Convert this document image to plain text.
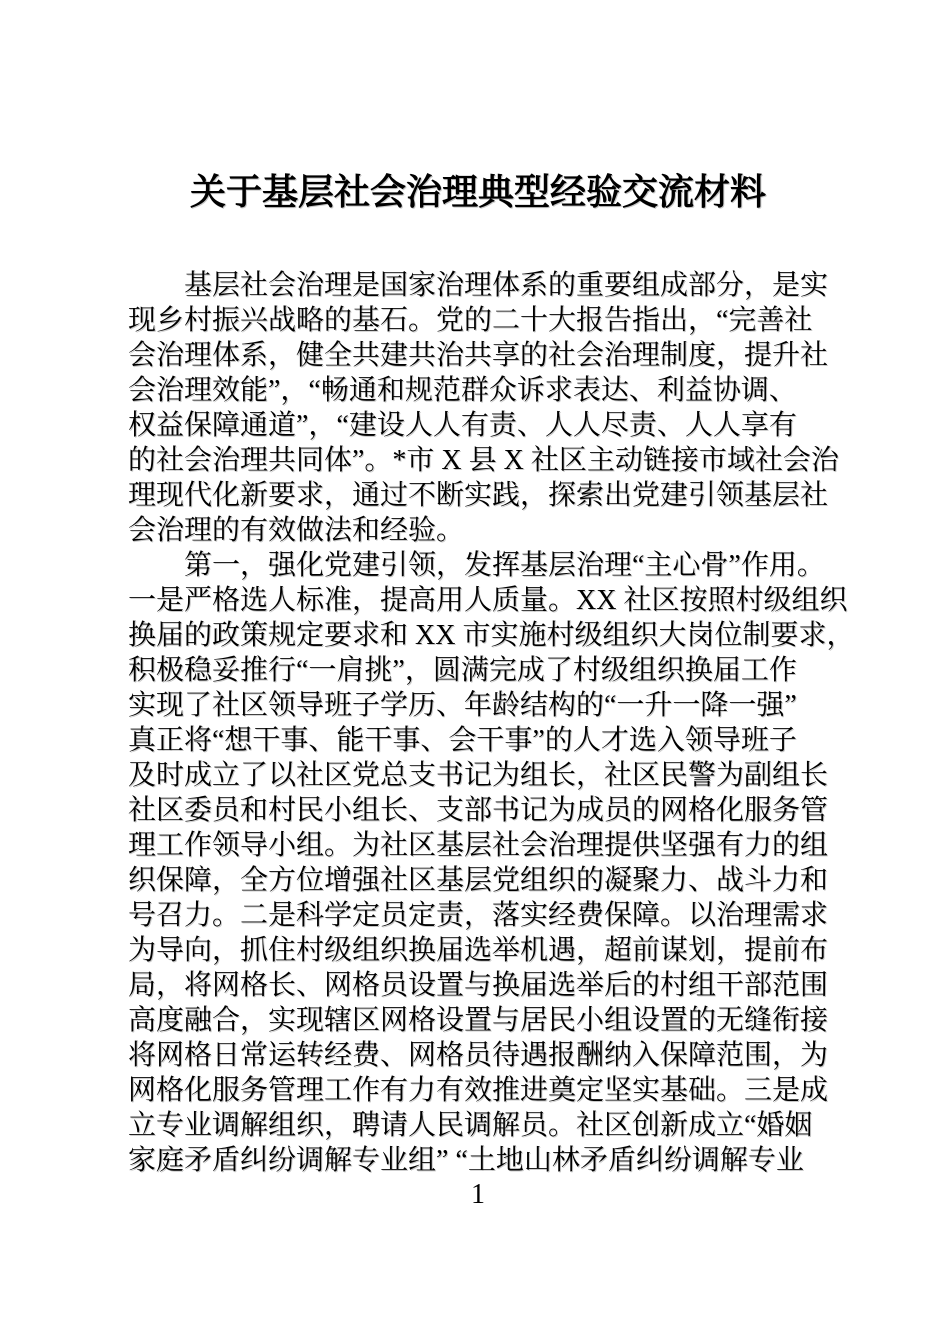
关于基层社会治理典型经验交流材料
　　基层社会治理是国家治理体系的重要组成部分，是实
现乡村振兴战略的基石。党的二十大报告指出，“完善社
会治理体系，健全共建共治共享的社会治理制度，提升社
会治理效能”，“畅通和规范群众诉求表达、利益协调、
权益保障通道”，“建设人人有责、人人尽责、人人享有
的社会治理共同体”。*市 X 县 X 社区主动链接市域社会治
理现代化新要求，通过不断实践，探索出党建引领基层社
会治理的有效做法和经验。
　　第一，强化党建引领，发挥基层治理“主心骨”作用。
一是严格选人标准，提高用人质量。XX 社区按照村级组织
换届的政策规定要求和 XX 市实施村级组织大岗位制要求，
积极稳妥推行“一肩挑”，圆满完成了村级组织换届工作
实现了社区领导班子学历、年龄结构的“一升一降一强”
真正将“想干事、能干事、会干事”的人才选入领导班子
及时成立了以社区党总支书记为组长，社区民警为副组长
社区委员和村民小组长、支部书记为成员的网格化服务管
理工作领导小组。为社区基层社会治理提供坚强有力的组
织保障，全方位增强社区基层党组织的凝聚力、战斗力和
号召力。二是科学定员定责，落实经费保障。以治理需求
为导向，抓住村级组织换届选举机遇，超前谋划，提前布
局，将网格长、网格员设置与换届选举后的村组干部范围
高度融合，实现辖区网格设置与居民小组设置的无缝衔接
将网格日常运转经费、网格员待遇报酬纳入保障范围，为
网格化服务管理工作有力有效推进奠定坚实基础。三是成
立专业调解组织，聘请人民调解员。社区创新成立“婚姻
家庭矛盾纠纷调解专业组” “土地山林矛盾纠纷调解专业
1
